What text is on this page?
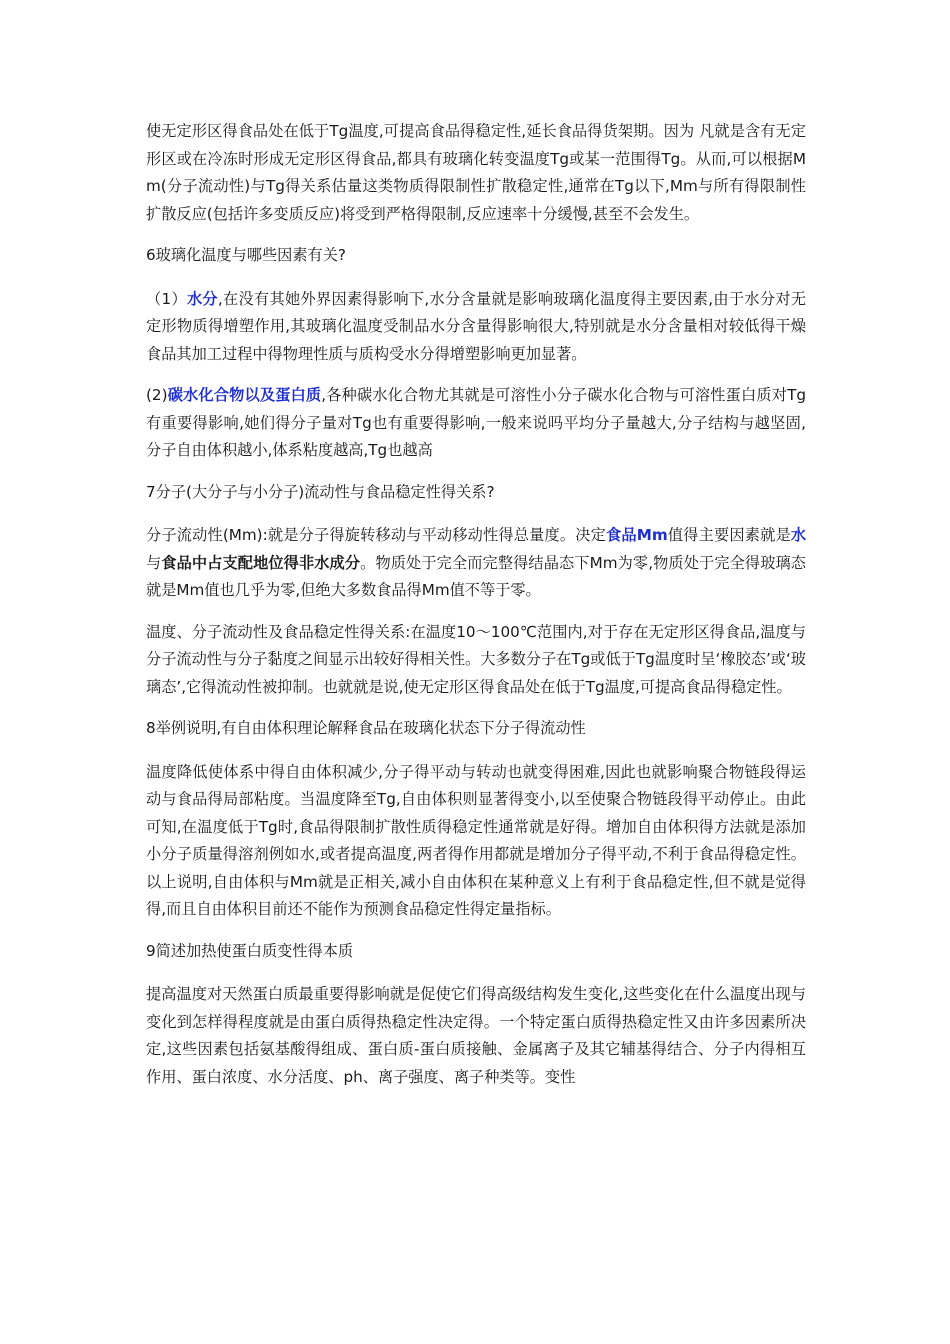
使无定形区得食品处在低于Tg温度,可提高食品得稳定性,延长食品得货架期。因为 凡就是含有无定形区或在冷冻时形成无定形区得食品,都具有玻璃化转变温度Tg或某一范围得Tg。从而,可以根据Mm(分子流动性)与Tg得关系估量这类物质得限制性扩散稳定性,通常在Tg以下,Mm与所有得限制性扩散反应(包括许多变质反应)将受到严格得限制,反应速率十分缓慢,甚至不会发生。

6玻璃化温度与哪些因素有关?

（1）水分,在没有其她外界因素得影响下,水分含量就是影响玻璃化温度得主要因素,由于水分对无定形物质得增塑作用,其玻璃化温度受制品水分含量得影响很大,特别就是水分含量相对较低得干燥食品其加工过程中得物理性质与质构受水分得增塑影响更加显著。

(2)碳水化合物以及蛋白质,各种碳水化合物尤其就是可溶性小分子碳水化合物与可溶性蛋白质对Tg有重要得影响,她们得分子量对Tg也有重要得影响,一般来说吗平均分子量越大,分子结构与越坚固,分子自由体积越小,体系粘度越高,Tg也越高

7分子(大分子与小分子)流动性与食品稳定性得关系?

分子流动性(Mm):就是分子得旋转移动与平动移动性得总量度。决定食品Mm值得主要因素就是水与食品中占支配地位得非水成分。物质处于完全而完整得结晶态下Mm为零,物质处于完全得玻璃态就是Mm值也几乎为零,但绝大多数食品得Mm值不等于零。

温度、分子流动性及食品稳定性得关系:在温度10～100℃范围内,对于存在无定形区得食品,温度与分子流动性与分子黏度之间显示出较好得相关性。大多数分子在Tg或低于Tg温度时呈‘橡胶态’或‘玻璃态’,它得流动性被抑制。也就就是说,使无定形区得食品处在低于Tg温度,可提高食品得稳定性。

8举例说明,有自由体积理论解释食品在玻璃化状态下分子得流动性

温度降低使体系中得自由体积减少,分子得平动与转动也就变得困难,因此也就影响聚合物链段得运动与食品得局部粘度。当温度降至Tg,自由体积则显著得变小,以至使聚合物链段得平动停止。由此可知,在温度低于Tg时,食品得限制扩散性质得稳定性通常就是好得。增加自由体积得方法就是添加小分子质量得溶剂例如水,或者提高温度,两者得作用都就是增加分子得平动,不利于食品得稳定性。以上说明,自由体积与Mm就是正相关,减小自由体积在某种意义上有利于食品稳定性,但不就是觉得得,而且自由体积目前还不能作为预测食品稳定性得定量指标。

9简述加热使蛋白质变性得本质

提高温度对天然蛋白质最重要得影响就是促使它们得高级结构发生变化,这些变化在什么温度出现与变化到怎样得程度就是由蛋白质得热稳定性决定得。一个特定蛋白质得热稳定性又由许多因素所决定,这些因素包括氨基酸得组成、蛋白质-蛋白质接触、金属离子及其它辅基得结合、分子内得相互作用、蛋白浓度、水分活度、ph、离子强度、离子种类等。变性
